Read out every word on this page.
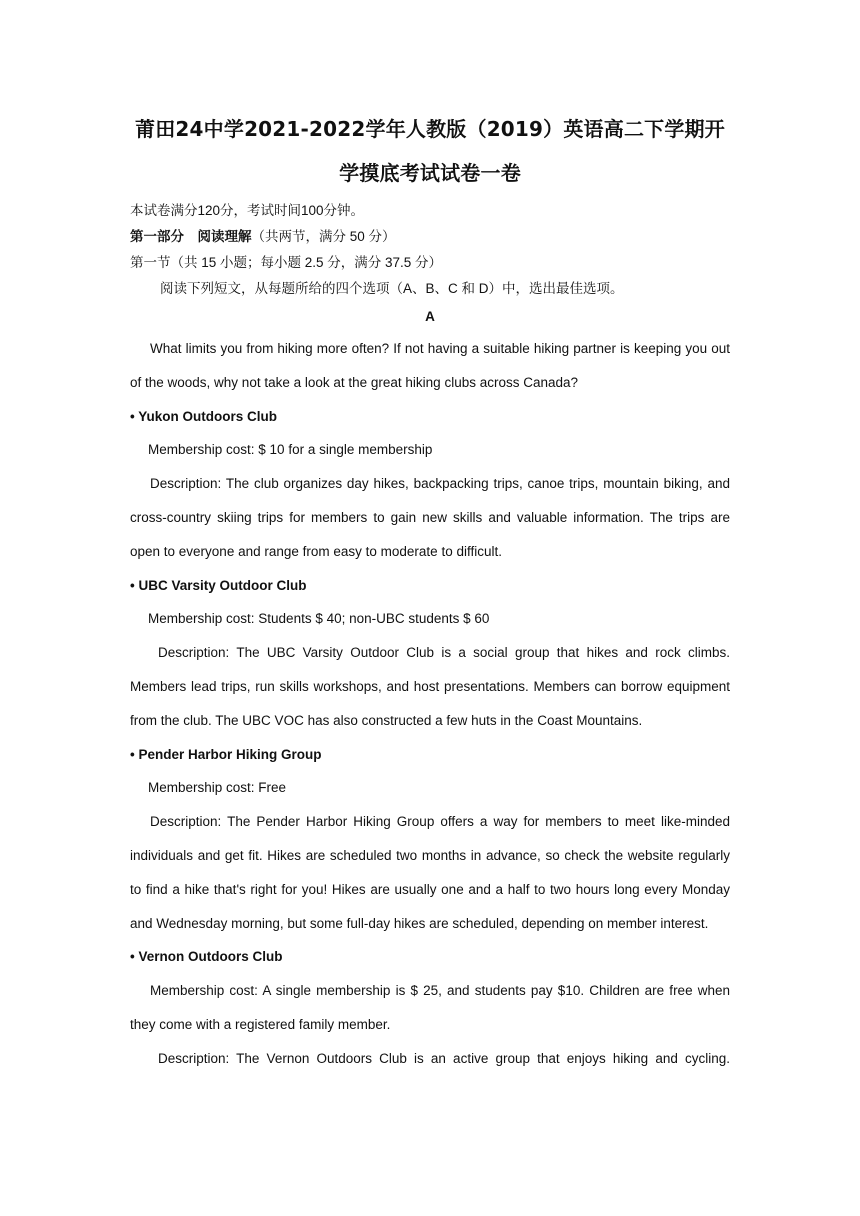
莆田24中学2021-2022学年人教版（2019）英语高二下学期开
学摸底考试试卷一卷
本试卷满分120分，考试时间100分钟。
第一部分　阅读理解（共两节，满分 50 分）
第一节（共 15 小题；每小题 2.5 分，满分 37.5 分）
阅读下列短文，从每题所给的四个选项（A、B、C 和 D）中，选出最佳选项。
A
What limits you from hiking more often? If not having a suitable hiking partner is keeping you out of the woods, why not take a look at the great hiking clubs across Canada?
• Yukon Outdoors Club
Membership cost: $ 10 for a single membership
Description: The club organizes day hikes, backpacking trips, canoe trips, mountain biking, and cross-country skiing trips for members to gain new skills and valuable information. The trips are open to everyone and range from easy to moderate to difficult.
• UBC Varsity Outdoor Club
Membership cost: Students $ 40; non-UBC students $ 60
Description: The UBC Varsity Outdoor Club is a social group that hikes and rock climbs. Members lead trips, run skills workshops, and host presentations. Members can borrow equipment from the club. The UBC VOC has also constructed a few huts in the Coast Mountains.
• Pender Harbor Hiking Group
Membership cost: Free
Description: The Pender Harbor Hiking Group offers a way for members to meet like-minded individuals and get fit. Hikes are scheduled two months in advance, so check the website regularly to find a hike that's right for you! Hikes are usually one and a half to two hours long every Monday and Wednesday morning, but some full-day hikes are scheduled, depending on member interest.
• Vernon Outdoors Club
Membership cost: A single membership is $ 25, and students pay $10. Children are free when they come with a registered family member.
Description: The Vernon Outdoors Club is an active group that enjoys hiking and cycling.
